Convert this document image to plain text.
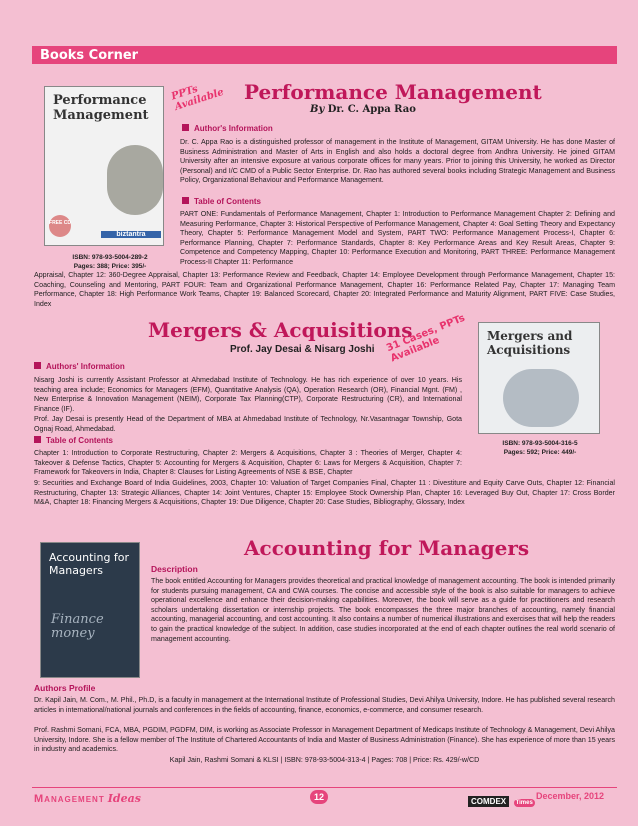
Books Corner
Performance Management
FREE CD
biztantra
ISBN: 978-93-5004-289-2
Pages: 388; Price: 395/-
PPTs Available Performance Management
By Dr. C. Appa Rao
Author's Information
Dr. C. Appa Rao is a distinguished professor of management in the Institute of Management, GITAM University. He has done Master of Business Administration and Master of Arts in English and also holds a doctoral degree from Andhra University. He joined GITAM University after an intensive exposure at various corporate offices for many years. Prior to joining this University, he worked as Director (Personal) and I/C CMD of a Public Sector Enterprise. Dr. Rao has authored several books including Strategic Management and Business Policy, Organizational Behaviour and Performance Management.
Table of Contents
PART ONE: Fundamentals of Performance Management, Chapter 1: Introduction to Performance Management Chapter 2: Defining and Measuring Performance, Chapter 3: Historical Perspective of Performance Management, Chapter 4: Goal Setting Theory and Expectancy Theory, Chapter 5: Performance Management Model and System, PART TWO: Performance Management Process-I, Chapter 6: Performance Planning, Chapter 7: Performance Standards, Chapter 8: Key Performance Areas and Key Result Areas, Chapter 9: Competence and Competency Mapping, Chapter 10: Performance Execution and Monitoring, PART THREE: Performance Management Process-II Chapter 11: Performance
Appraisal, Chapter 12: 360-Degree Appraisal, Chapter 13: Performance Review and Feedback, Chapter 14: Employee Development through Performance Management, Chapter 15: Coaching, Counseling and Mentoring, PART FOUR: Team and Organizational Performance Management, Chapter 16: Performance Related Pay, Chapter 17: Managing Team Performance, Chapter 18: High Performance Work Teams, Chapter 19: Balanced Scorecard, Chapter 20: Integrated Performance and Maturity Alignment, PART FIVE: Case Studies, Index
Mergers & Acquisitions
Prof. Jay Desai & Nisarg Joshi 31 Cases, PPTs Available	Mergers and Acquisitions
ISBN: 978-93-5004-316-5
Pages: 592; Price: 449/-
Authors' Information
Nisarg Joshi is currently Assistant Professor at Ahmedabad Institute of Technology. He has rich experience of over 10 years. His teaching area include; Economics for Managers (EFM), Quantitative Analysis (QA), Operation Research (OR), Financial Mgnt. (FM) , New Enterprise & Innovation Management (NEIM), Corporate Tax Planning(CTP), Corporate Restructuring (CR), and International Finance (IF).
Prof. Jay Desai is presently Head of the Department of MBA at Ahmedabad Institute of Technology, Nr.Vasantnagar Township, Gota Ognaj Road, Ahmedabad.
Table of Contents
Chapter 1: Introduction to Corporate Restructuring, Chapter 2: Mergers & Acquisitions, Chapter 3 : Theories of Merger, Chapter 4: Takeover & Defense Tactics, Chapter 5: Accounting for Mergers & Acquisition, Chapter 6: Laws for Mergers & Acquisition, Chapter 7: Framework for Takeovers in India, Chapter 8: Clauses for Listing Agreements of NSE & BSE, Chapter
9: Securities and Exchange Board of India Guidelines, 2003, Chapter 10: Valuation of Target Companies Final, Chapter 11 : Divestiture and Equity Carve Outs, Chapter 12: Financial Restructuring, Chapter 13: Strategic Alliances, Chapter 14: Joint Ventures, Chapter 15: Employee Stock Ownership Plan, Chapter 16: Leveraged Buy Out, Chapter 17: Cross Border M&A, Chapter 18: Financing Mergers & Acquisitions, Chapter 19: Due Diligence, Chapter 20: Case Studies, Bibliography, Glossary, Index
Accounting for Managers
Finance money
Accounting for Managers
Description
The book entitled Accounting for Managers provides theoretical and practical knowledge of management accounting. The book is intended primarily for students pursuing management, CA and CWA courses. The concise and accessible style of the book is also suitable for managers to achieve operational excellence and enhance their decision-making capabilities. Moreover, the book will serve as a guide for practitioners and research scholars undertaking dissertation or internship projects. The book encompasses the three major branches of accounting, namely financial accounting, managerial accounting, and cost accounting. It also contains a number of numerical illustrations and exercises that will help the readers to gain the practical knowledge of the subject. In addition, case studies incorporated at the end of each chapter outlines the real world scenario of management accounting.
Authors Profile
Dr. Kapil Jain, M. Com., M. Phil., Ph.D, is a faculty in management at the International Institute of Professional Studies, Devi Ahilya University, Indore. He has published several research articles in international/national journals and conferences in the fields of accounting, finance, economics, e-commerce, and consumer research.
Prof. Rashmi Somani, FCA, MBA, PGDIM, PGDFM, DIM, is working as Associate Professor in Management Department of Medicaps Institute of Technology & Management, Devi Ahilya University, Indore. She is a fellow member of The Institute of Chartered Accountants of India and Master of Business Administration (Finance). She has experience of more than 15 years in industry and academics.
Kapil Jain, Rashmi Somani & KLSI | ISBN: 978-93-5004-313-4 | Pages: 708 | Price: Rs. 429/-w/CD
Management Ideas	12	COMDEX Times
December, 2012
